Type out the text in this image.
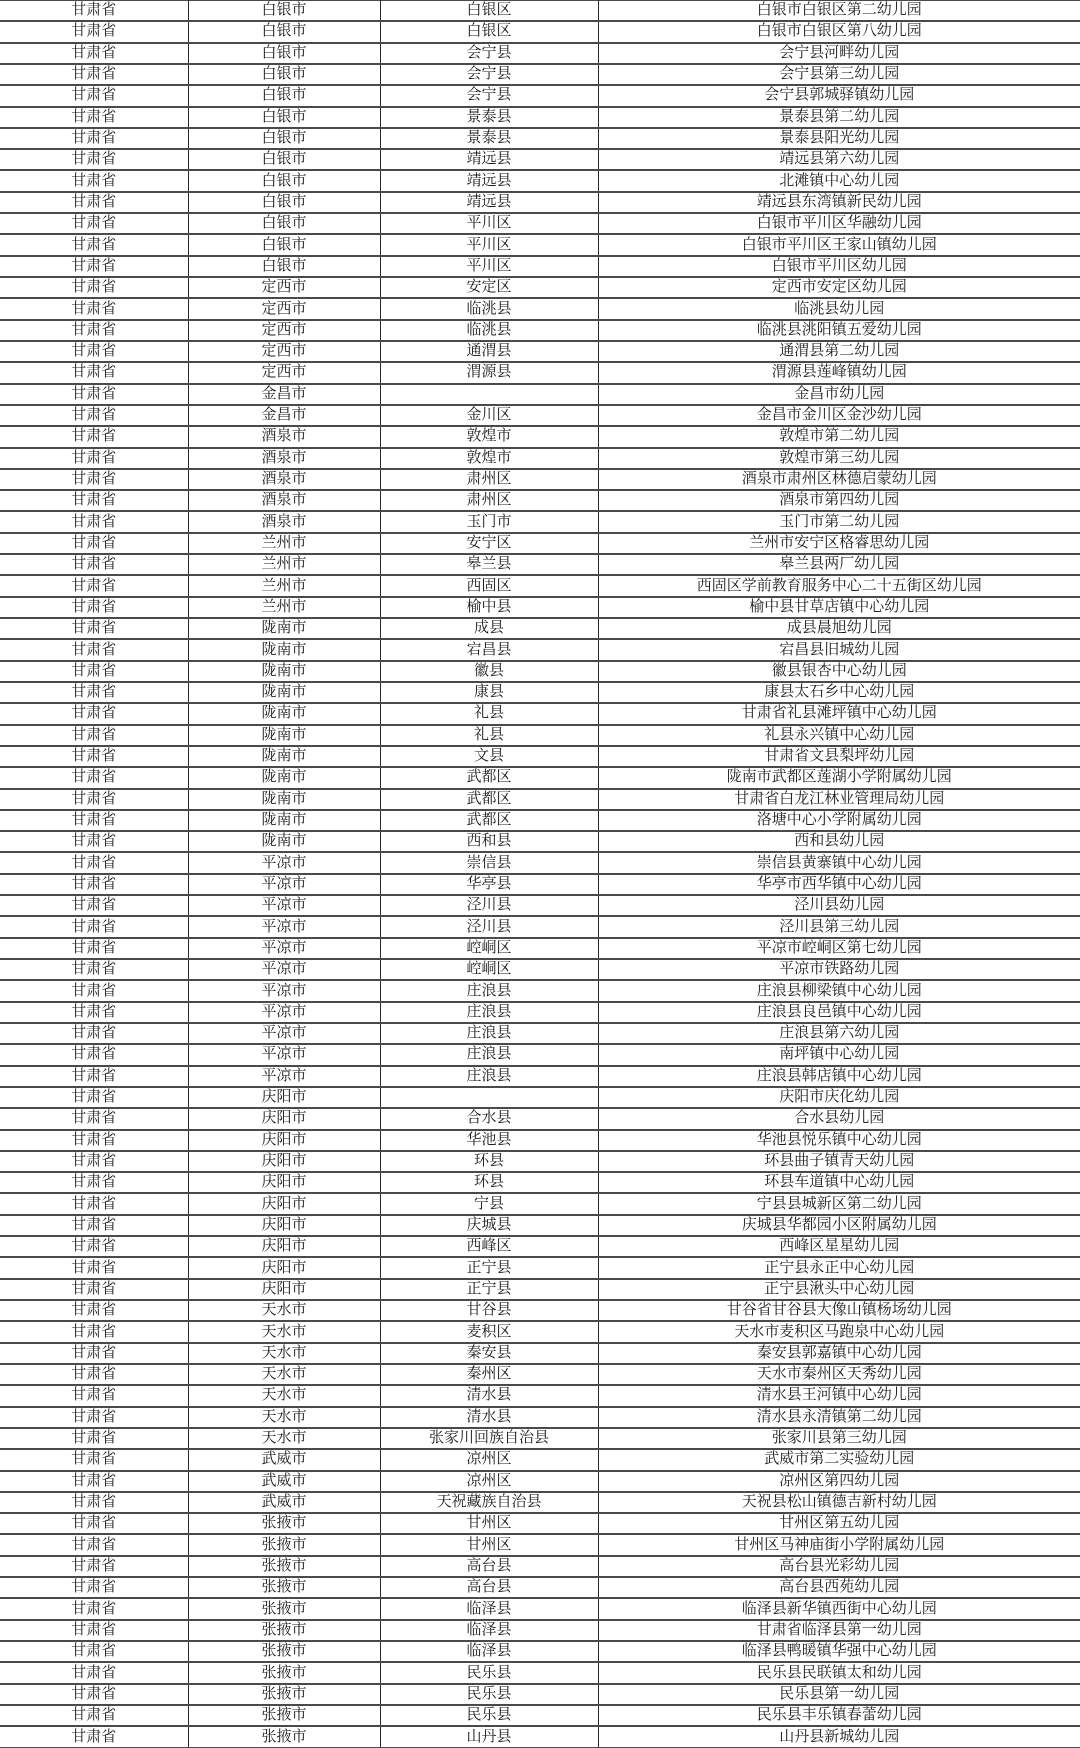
甘肃省	白银市	白银区	白银市白银区第二幼儿园
甘肃省	白银市	白银区	白银市白银区第八幼儿园
甘肃省	白银市	会宁县	会宁县河畔幼儿园
甘肃省	白银市	会宁县	会宁县第三幼儿园
甘肃省	白银市	会宁县	会宁县郭城驿镇幼儿园
甘肃省	白银市	景泰县	景泰县第二幼儿园
甘肃省	白银市	景泰县	景泰县阳光幼儿园
甘肃省	白银市	靖远县	靖远县第六幼儿园
甘肃省	白银市	靖远县	北滩镇中心幼儿园
甘肃省	白银市	靖远县	靖远县东湾镇新民幼儿园
甘肃省	白银市	平川区	白银市平川区华融幼儿园
甘肃省	白银市	平川区	白银市平川区王家山镇幼儿园
甘肃省	白银市	平川区	白银市平川区幼儿园
甘肃省	定西市	安定区	定西市安定区幼儿园
甘肃省	定西市	临洮县	临洮县幼儿园
甘肃省	定西市	临洮县	临洮县洮阳镇五爱幼儿园
甘肃省	定西市	通渭县	通渭县第二幼儿园
甘肃省	定西市	渭源县	渭源县莲峰镇幼儿园
甘肃省	金昌市		金昌市幼儿园
甘肃省	金昌市	金川区	金昌市金川区金沙幼儿园
甘肃省	酒泉市	敦煌市	敦煌市第二幼儿园
甘肃省	酒泉市	敦煌市	敦煌市第三幼儿园
甘肃省	酒泉市	肃州区	酒泉市肃州区林德启蒙幼儿园
甘肃省	酒泉市	肃州区	酒泉市第四幼儿园
甘肃省	酒泉市	玉门市	玉门市第二幼儿园
甘肃省	兰州市	安宁区	兰州市安宁区格睿思幼儿园
甘肃省	兰州市	皋兰县	皋兰县两厂幼儿园
甘肃省	兰州市	西固区	西固区学前教育服务中心二十五街区幼儿园
甘肃省	兰州市	榆中县	榆中县甘草店镇中心幼儿园
甘肃省	陇南市	成县	成县晨旭幼儿园
甘肃省	陇南市	宕昌县	宕昌县旧城幼儿园
甘肃省	陇南市	徽县	徽县银杏中心幼儿园
甘肃省	陇南市	康县	康县太石乡中心幼儿园
甘肃省	陇南市	礼县	甘肃省礼县滩坪镇中心幼儿园
甘肃省	陇南市	礼县	礼县永兴镇中心幼儿园
甘肃省	陇南市	文县	甘肃省文县梨坪幼儿园
甘肃省	陇南市	武都区	陇南市武都区莲湖小学附属幼儿园
甘肃省	陇南市	武都区	甘肃省白龙江林业管理局幼儿园
甘肃省	陇南市	武都区	洛塘中心小学附属幼儿园
甘肃省	陇南市	西和县	西和县幼儿园
甘肃省	平凉市	崇信县	崇信县黄寨镇中心幼儿园
甘肃省	平凉市	华亭县	华亭市西华镇中心幼儿园
甘肃省	平凉市	泾川县	泾川县幼儿园
甘肃省	平凉市	泾川县	泾川县第三幼儿园
甘肃省	平凉市	崆峒区	平凉市崆峒区第七幼儿园
甘肃省	平凉市	崆峒区	平凉市铁路幼儿园
甘肃省	平凉市	庄浪县	庄浪县柳梁镇中心幼儿园
甘肃省	平凉市	庄浪县	庄浪县良邑镇中心幼儿园
甘肃省	平凉市	庄浪县	庄浪县第六幼儿园
甘肃省	平凉市	庄浪县	南坪镇中心幼儿园
甘肃省	平凉市	庄浪县	庄浪县韩店镇中心幼儿园
甘肃省	庆阳市		庆阳市庆化幼儿园
甘肃省	庆阳市	合水县	合水县幼儿园
甘肃省	庆阳市	华池县	华池县悦乐镇中心幼儿园
甘肃省	庆阳市	环县	环县曲子镇青天幼儿园
甘肃省	庆阳市	环县	环县车道镇中心幼儿园
甘肃省	庆阳市	宁县	宁县县城新区第二幼儿园
甘肃省	庆阳市	庆城县	庆城县华都园小区附属幼儿园
甘肃省	庆阳市	西峰区	西峰区星星幼儿园
甘肃省	庆阳市	正宁县	正宁县永正中心幼儿园
甘肃省	庆阳市	正宁县	正宁县湫头中心幼儿园
甘肃省	天水市	甘谷县	甘谷省甘谷县大像山镇杨场幼儿园
甘肃省	天水市	麦积区	天水市麦积区马跑泉中心幼儿园
甘肃省	天水市	秦安县	秦安县郭嘉镇中心幼儿园
甘肃省	天水市	秦州区	天水市秦州区天秀幼儿园
甘肃省	天水市	清水县	清水县王河镇中心幼儿园
甘肃省	天水市	清水县	清水县永清镇第二幼儿园
甘肃省	天水市	张家川回族自治县	张家川县第三幼儿园
甘肃省	武威市	凉州区	武威市第二实验幼儿园
甘肃省	武威市	凉州区	凉州区第四幼儿园
甘肃省	武威市	天祝藏族自治县	天祝县松山镇德吉新村幼儿园
甘肃省	张掖市	甘州区	甘州区第五幼儿园
甘肃省	张掖市	甘州区	甘州区马神庙街小学附属幼儿园
甘肃省	张掖市	高台县	高台县光彩幼儿园
甘肃省	张掖市	高台县	高台县西苑幼儿园
甘肃省	张掖市	临泽县	临泽县新华镇西街中心幼儿园
甘肃省	张掖市	临泽县	甘肃省临泽县第一幼儿园
甘肃省	张掖市	临泽县	临泽县鸭暖镇华强中心幼儿园
甘肃省	张掖市	民乐县	民乐县民联镇太和幼儿园
甘肃省	张掖市	民乐县	民乐县第一幼儿园
甘肃省	张掖市	民乐县	民乐县丰乐镇春蕾幼儿园
甘肃省	张掖市	山丹县	山丹县新城幼儿园
